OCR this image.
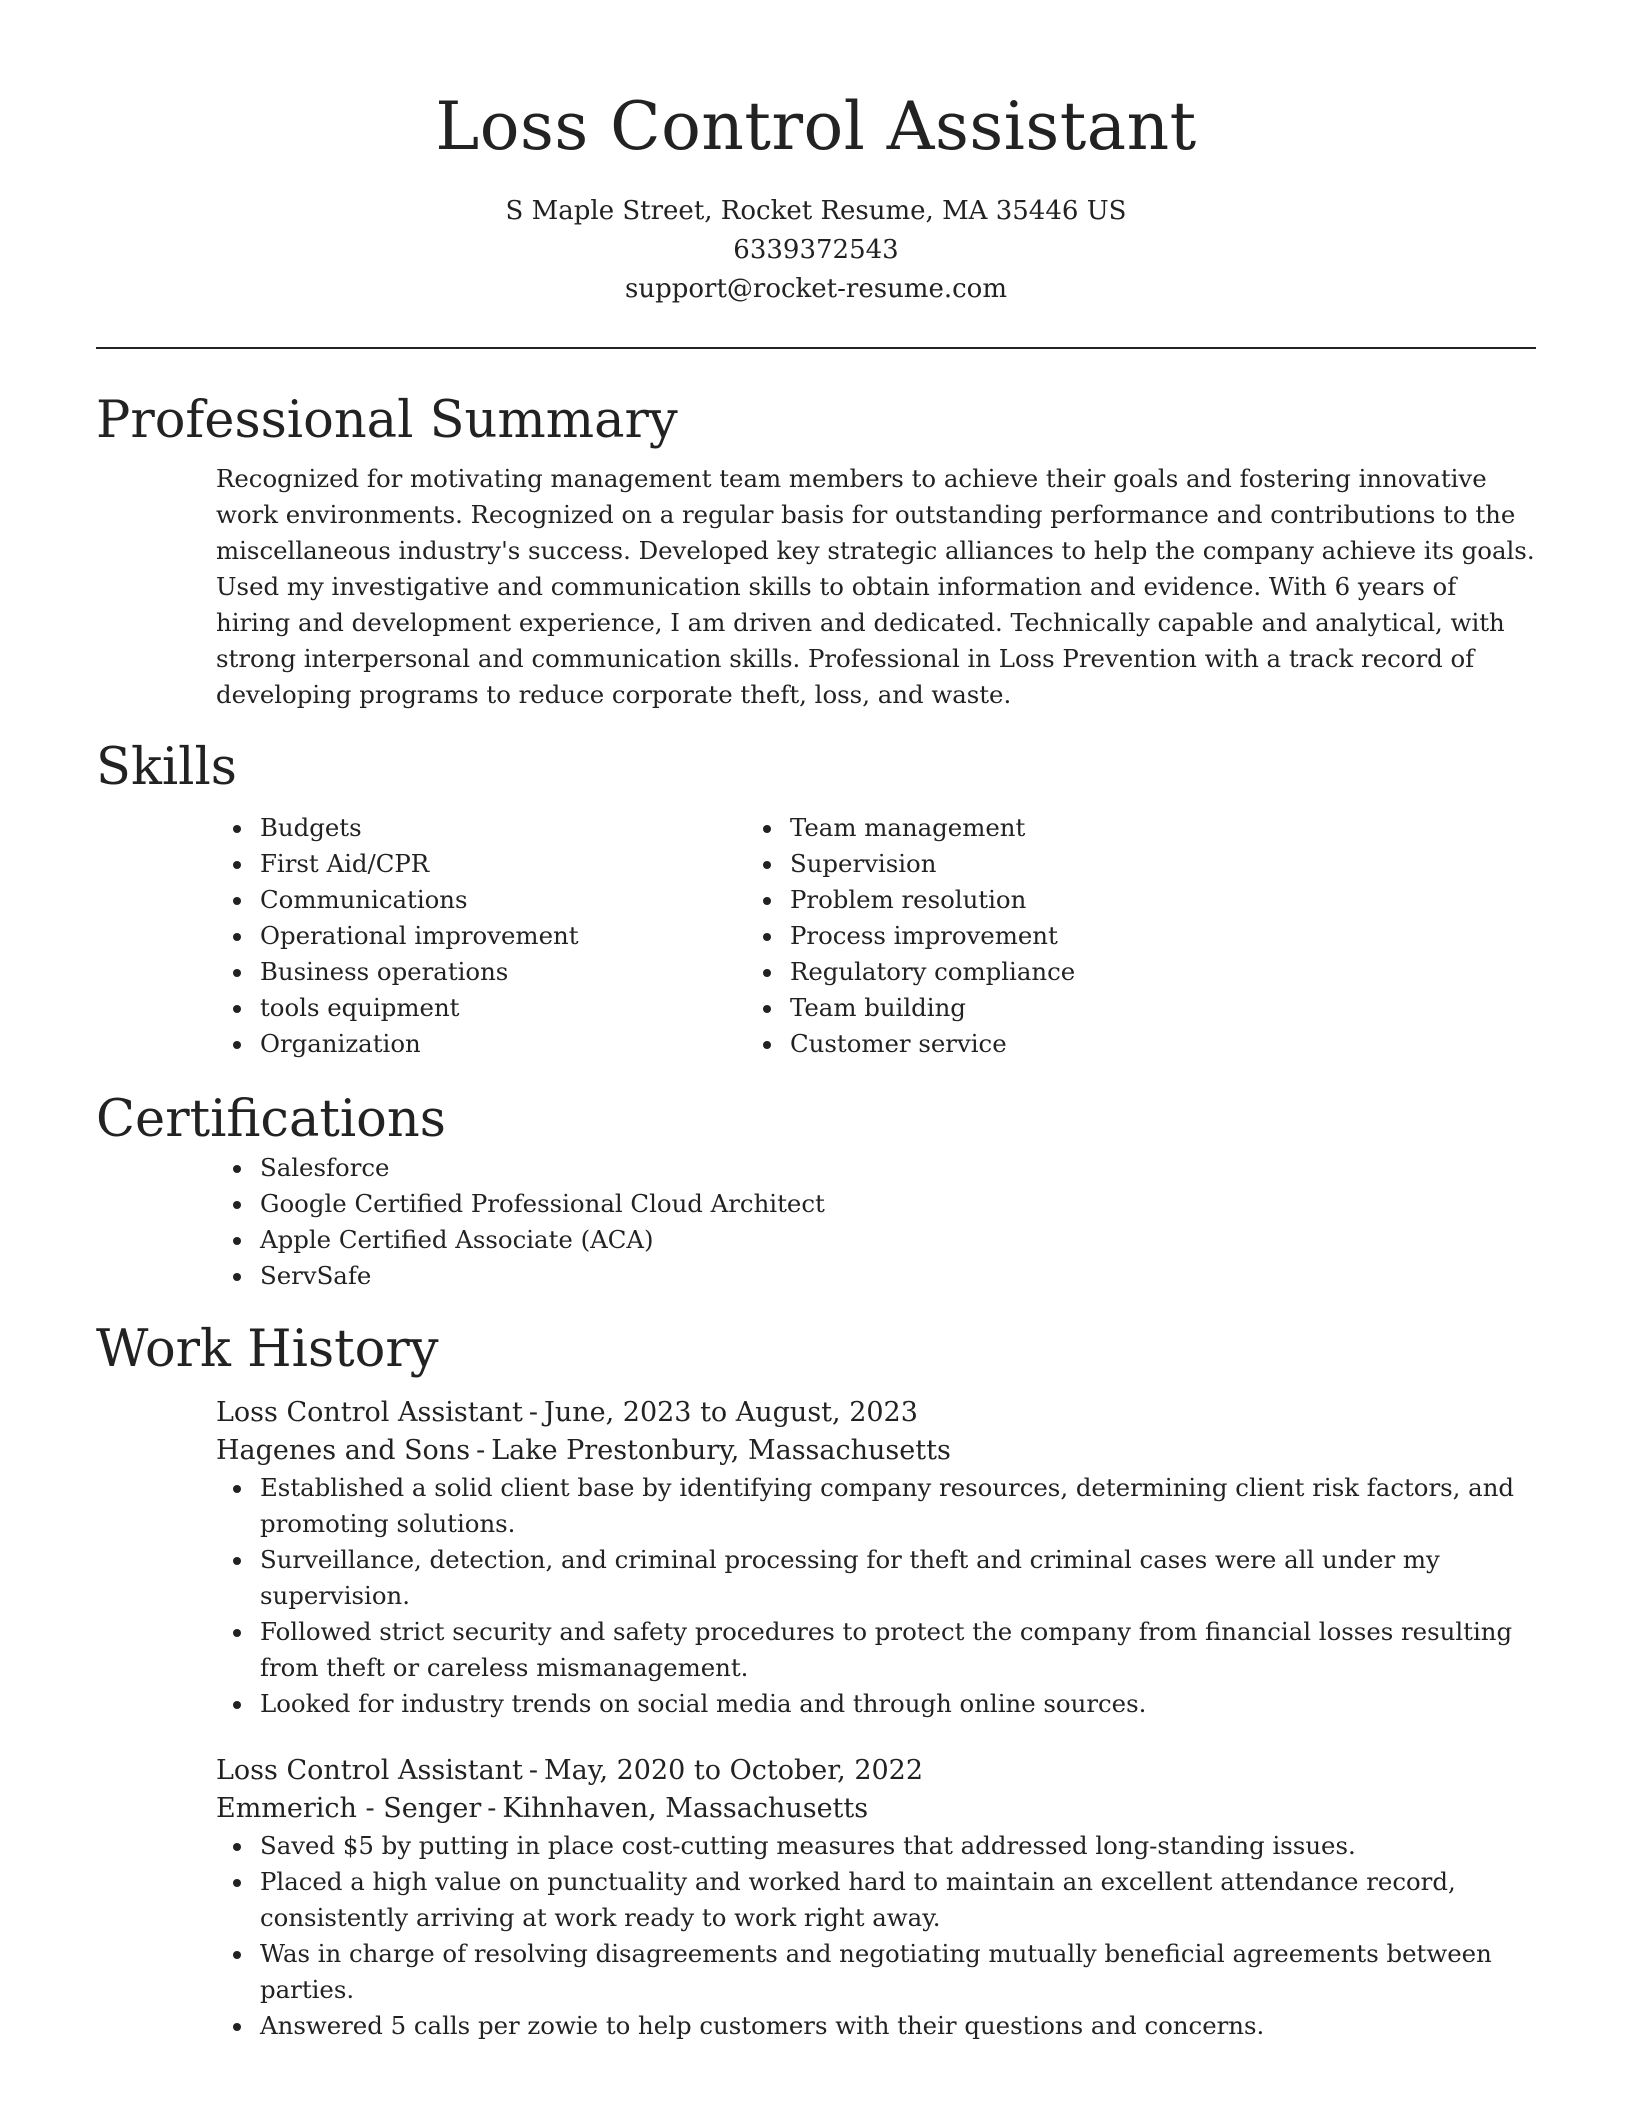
Loss Control Assistant

S Maple Street, Rocket Resume, MA 35446 US

6339372543

support@rocket-resume.com

Professional Summary

Recognized for motivating management team members to achieve their goals and fostering innovative work environments. Recognized on a regular basis for outstanding performance and contributions to the miscellaneous industry's success. Developed key strategic alliances to help the company achieve its goals. Used my investigative and communication skills to obtain information and evidence. With 6 years of hiring and development experience, I am driven and dedicated. Technically capable and analytical, with strong interpersonal and communication skills. Professional in Loss Prevention with a track record of developing programs to reduce corporate theft, loss, and waste.

Skills
Budgets
First Aid/CPR
Communications
Operational improvement
Business operations
tools equipment
Organization
Team management
Supervision
Problem resolution
Process improvement
Regulatory compliance
Team building
Customer service
Certifications
Salesforce
Google Certified Professional Cloud Architect
Apple Certified Associate (ACA)
ServSafe
Work History

Loss Control Assistant - June, 2023 to August, 2023

Hagenes and Sons - Lake Prestonbury, Massachusetts

Established a solid client base by identifying company resources, determining client risk factors, and promoting solutions.
Surveillance, detection, and criminal processing for theft and criminal cases were all under my supervision.
Followed strict security and safety procedures to protect the company from financial losses resulting from theft or careless mismanagement.
Looked for industry trends on social media and through online sources.

Loss Control Assistant - May, 2020 to October, 2022

Emmerich - Senger - Kihnhaven, Massachusetts

Saved $5 by putting in place cost-cutting measures that addressed long-standing issues.
Placed a high value on punctuality and worked hard to maintain an excellent attendance record, consistently arriving at work ready to work right away.
Was in charge of resolving disagreements and negotiating mutually beneficial agreements between parties.
Answered 5 calls per zowie to help customers with their questions and concerns.
